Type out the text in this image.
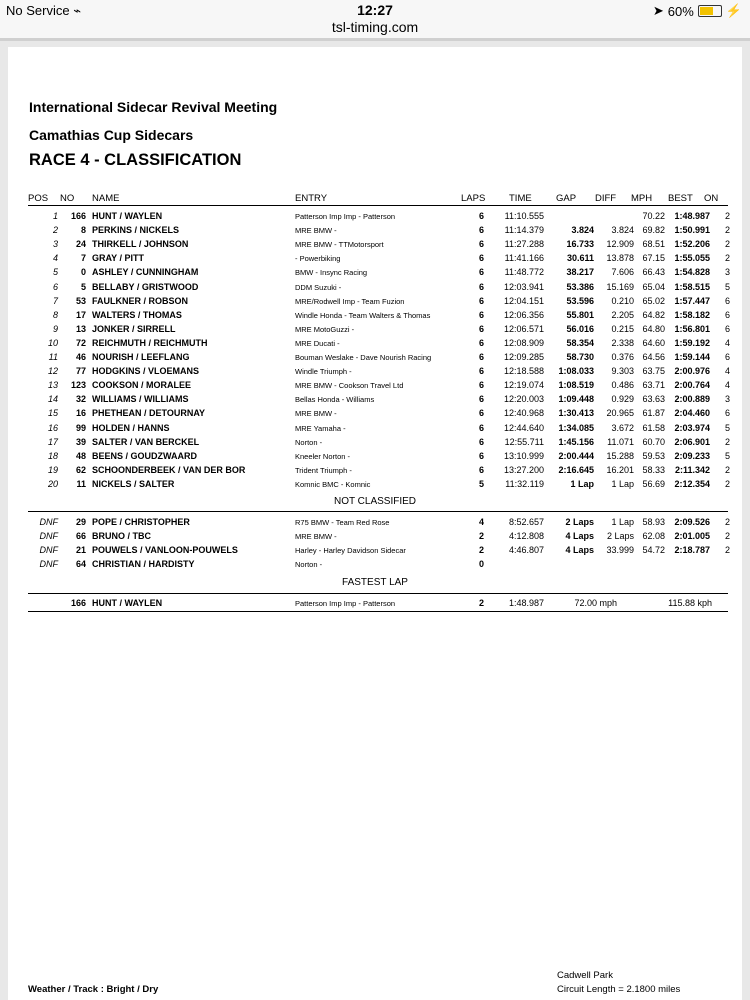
No Service ⌁	12:27	➤ 60% ⚡
tsl-timing.com
International Sidecar Revival Meeting
Camathias Cup Sidecars
RACE 4 - CLASSIFICATION
POS NO NAME	ENTRY	LAPS TIME	GAP DIFF MPH BEST ON
1 166 HUNT / WAYLEN	Patterson Imp Imp - Patterson	6 11:10.555	70.22 1:48.987 2
2	8 PERKINS / NICKELS	MRE BMW -	6 11:14.379	3.824 3.824 69.82 1:50.991 2
3 24 THIRKELL / JOHNSON	MRE BMW - TTMotorsport	6 11:27.288 16.733 12.909 68.51 1:52.206 2
4	7 GRAY / PITT	- Powerbiking	6 11:41.166	30.611 13.878 67.15 1:55.055 2
5	0 ASHLEY / CUNNINGHAM	BMW - Insync Racing	6 11:48.772 38.217 7.606 66.43 1:54.828 3
6	5 BELLABY / GRISTWOOD	DDM Suzuki -	6 12:03.941 53.386 15.169 65.04 1:58.515 5
7 53 FAULKNER / ROBSON	MRE/Rodwell Imp - Team Fuzion	6 12:04.151 53.596 0.210 65.02 1:57.447 6
8 17 WALTERS / THOMAS	Windle Honda - Team Walters & Thomas	6 12:06.356 55.801 2.205 64.82 1:58.182 6
9 13 JONKER / SIRRELL	MRE MotoGuzzi -	6 12:06.571 56.016 0.215 64.80 1:56.801 6
10 72 REICHMUTH / REICHMUTH	MRE Ducati -	6 12:08.909 58.354 2.338 64.60 1:59.192 4
11 46 NOURISH / LEEFLANG	Bouman Weslake - Dave Nourish Racing	6 12:09.285 58.730 0.376 64.56 1:59.144 6
12 77 HODGKINS / VLOEMANS	Windle Triumph -	6 12:18.588 1:08.033 9.303 63.75 2:00.976 4
13 123 COOKSON / MORALEE	MRE BMW - Cookson Travel Ltd	6 12:19.074 1:08.519 0.486 63.71 2:00.764 4
14 32 WILLIAMS / WILLIAMS	Bellas Honda - Williams	6 12:20.003 1:09.448 0.929 63.63 2:00.889 3
15 16 PHETHEAN / DETOURNAY	MRE BMW -	6 12:40.968 1:30.413 20.965 61.87 2:04.460 6
16 99 HOLDEN / HANNS	MRE Yamaha -	6 12:44.640 1:34.085 3.672 61.58 2:03.974 5
17 39 SALTER / VAN BERCKEL	Norton -	6 12:55.711 1:45.156 11.071 60.70 2:06.901 2
18 48 BEENS / GOUDZWAARD	Kneeler Norton -	6 13:10.999 2:00.444 15.288 59.53 2:09.233 5
19 62 SCHOONDERBEEK / VAN DER BOR	Trident Triumph -	6 13:27.200 2:16.645 16.201 58.33 2:11.342 2
20 11 NICKELS / SALTER	Komnic BMC - Komnic	5 11:32.119	1 Lap 1 Lap 56.69 2:12.354 2
NOT CLASSIFIED
DNF 29 POPE / CHRISTOPHER	R75 BMW - Team Red Rose	4	8:52.657 2 Laps 1 Lap 58.93 2:09.526 2
DNF 66 BRUNO / TBC	MRE BMW -	2	4:12.808 4 Laps 2 Laps 62.08 2:01.005 2
DNF 21 POUWELS / VANLOON-POUWELS	Harley - Harley Davidson Sidecar	2	4:46.807 4 Laps 33.999 54.72 2:18.787 2
DNF 64 CHRISTIAN / HARDISTY	Norton -	0
FASTEST LAP
166 HUNT / WAYLEN	Patterson Imp Imp - Patterson	2	1:48.987	72.00 mph	115.88 kph
Cadwell Park
Weather / Track : Bright / Dry	Circuit Length = 2.1800 miles
